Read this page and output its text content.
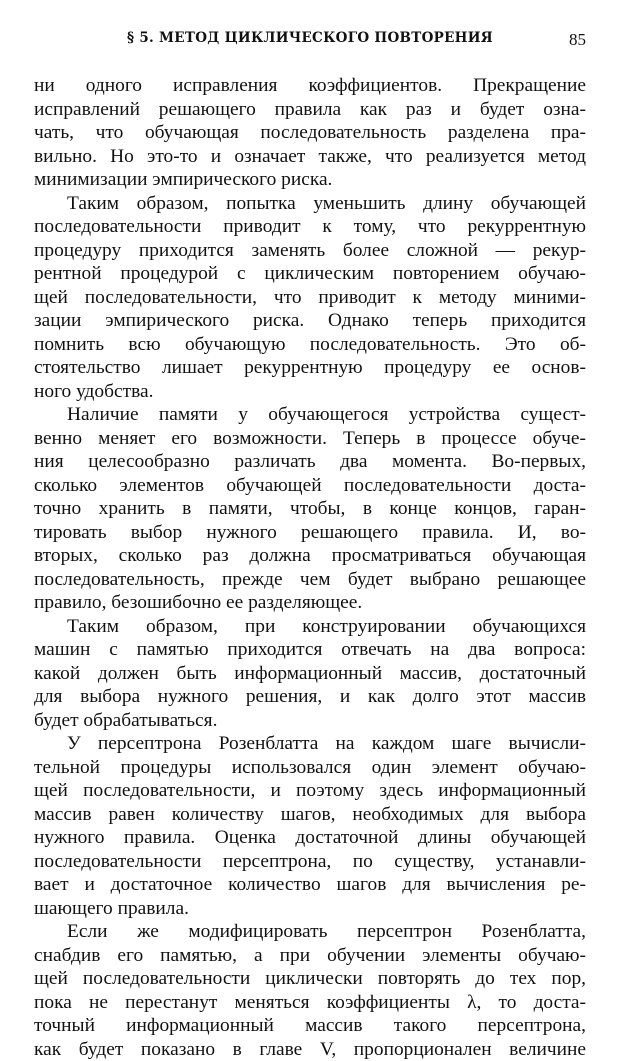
§ 5. МЕТОД ЦИКЛИЧЕСКОГО ПОВТОРЕНИЯ	85
ни одного исправления коэффициентов. Прекращение
исправлений решающего правила как раз и будет озна-
чать, что обучающая последовательность разделена пра-
вильно. Но это-то и означает также, что реализуется метод
минимизации эмпирического риска.
Таким образом, попытка уменьшить длину обучающей
последовательности приводит к тому, что рекуррентную
процедуру приходится заменять более сложной — рекур-
рентной процедурой с циклическим повторением обучаю-
щей последовательности, что приводит к методу миними-
зации эмпирического риска. Однако теперь приходится
помнить всю обучающую последовательность. Это об-
стоятельство лишает рекуррентную процедуру ее основ-
ного удобства.
Наличие памяти у обучающегося устройства сущест-
венно меняет его возможности. Теперь в процессе обуче-
ния целесообразно различать два момента. Во-первых,
сколько элементов обучающей последовательности доста-
точно хранить в памяти, чтобы, в конце концов, гаран-
тировать выбор нужного решающего правила. И, во-
вторых, сколько раз должна просматриваться обучающая
последовательность, прежде чем будет выбрано решающее
правило, безошибочно ее разделяющее.
Таким образом, при конструировании обучающихся
машин с памятью приходится отвечать на два вопроса:
какой должен быть информационный массив, достаточный
для выбора нужного решения, и как долго этот массив
будет обрабатываться.
У персептрона Розенблатта на каждом шаге вычисли-
тельной процедуры использовался один элемент обучаю-
щей последовательности, и поэтому здесь информационный
массив равен количеству шагов, необходимых для выбора
нужного правила. Оценка достаточной длины обучающей
последовательности персептрона, по существу, устанавли-
вает и достаточное количество шагов для вычисления ре-
шающего правила.
Если же модифицировать персептрон Розенблатта,
снабдив его памятью, а при обучении элементы обучаю-
щей последовательности циклически повторять до тех пор,
пока не перестанут меняться коэффициенты λ, то доста-
точный информационный массив такого персептрона,
как будет показано в главе V, пропорционален величине
